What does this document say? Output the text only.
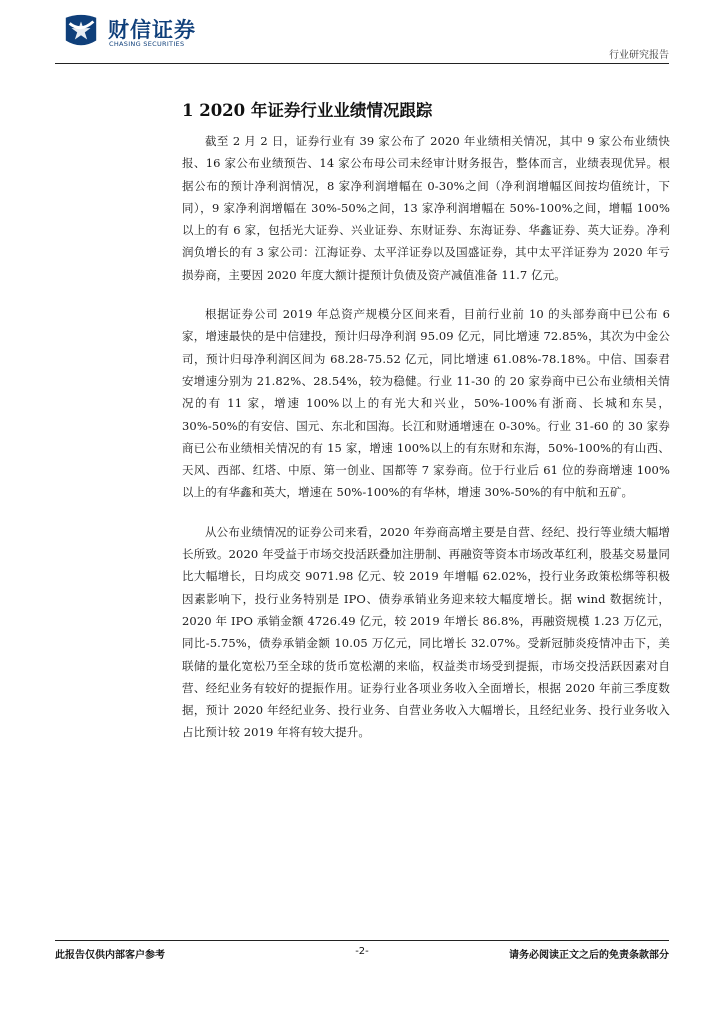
财信证券
CHASING SECURITIES
行业研究报告
1 2020 年证券行业业绩情况跟踪

截至 2 月 2 日，证券行业有 39 家公布了 2020 年业绩相关情况，其中 9 家公布业绩快报、16 家公布业绩预告、14 家公布母公司未经审计财务报告，整体而言，业绩表现优异。根据公布的预计净利润情况，8 家净利润增幅在 0-30%之间（净利润增幅区间按均值统计，下同），9 家净利润增幅在 30%-50%之间，13 家净利润增幅在 50%-100%之间，增幅 100%以上的有 6 家，包括光大证券、兴业证券、东财证券、东海证券、华鑫证券、英大证券。净利润负增长的有 3 家公司：江海证券、太平洋证券以及国盛证券，其中太平洋证券为 2020 年亏损券商，主要因 2020 年度大额计提预计负债及资产减值准备 11.7 亿元。

根据证券公司 2019 年总资产规模分区间来看，目前行业前 10 的头部券商中已公布 6 家，增速最快的是中信建投，预计归母净利润 95.09 亿元，同比增速 72.85%，其次为中金公司，预计归母净利润区间为 68.28-75.52 亿元，同比增速 61.08%-78.18%。中信、国泰君安增速分别为 21.82%、28.54%，较为稳健。行业 11-30 的 20 家券商中已公布业绩相关情况的有 11 家，增速 100%以上的有光大和兴业，50%-100%有浙商、长城和东吴，30%-50%的有安信、国元、东北和国海。长江和财通增速在 0-30%。行业 31-60 的 30 家券商已公布业绩相关情况的有 15 家，增速 100%以上的有东财和东海，50%-100%的有山西、天风、西部、红塔、中原、第一创业、国都等 7 家券商。位于行业后 61 位的券商增速 100%以上的有华鑫和英大，增速在 50%-100%的有华林，增速 30%-50%的有中航和五矿。

从公布业绩情况的证券公司来看，2020 年券商高增主要是自营、经纪、投行等业绩大幅增长所致。2020 年受益于市场交投活跃叠加注册制、再融资等资本市场改革红利，股基交易量同比大幅增长，日均成交 9071.98 亿元、较 2019 年增幅 62.02%，投行业务政策松绑等积极因素影响下，投行业务特别是 IPO、债券承销业务迎来较大幅度增长。据 wind 数据统计，2020 年 IPO 承销金额 4726.49 亿元，较 2019 年增长 86.8%，再融资规模 1.23 万亿元，同比-5.75%，债券承销金额 10.05 万亿元，同比增长 32.07%。受新冠肺炎疫情冲击下，美联储的量化宽松乃至全球的货币宽松潮的来临，权益类市场受到提振，市场交投活跃因素对自营、经纪业务有较好的提振作用。证券行业各项业务收入全面增长，根据 2020 年前三季度数据，预计 2020 年经纪业务、投行业务、自营业务收入大幅增长，且经纪业务、投行业务收入占比预计较 2019 年将有较大提升。

此报告仅供内部客户参考	-2-	请务必阅读正文之后的免责条款部分
